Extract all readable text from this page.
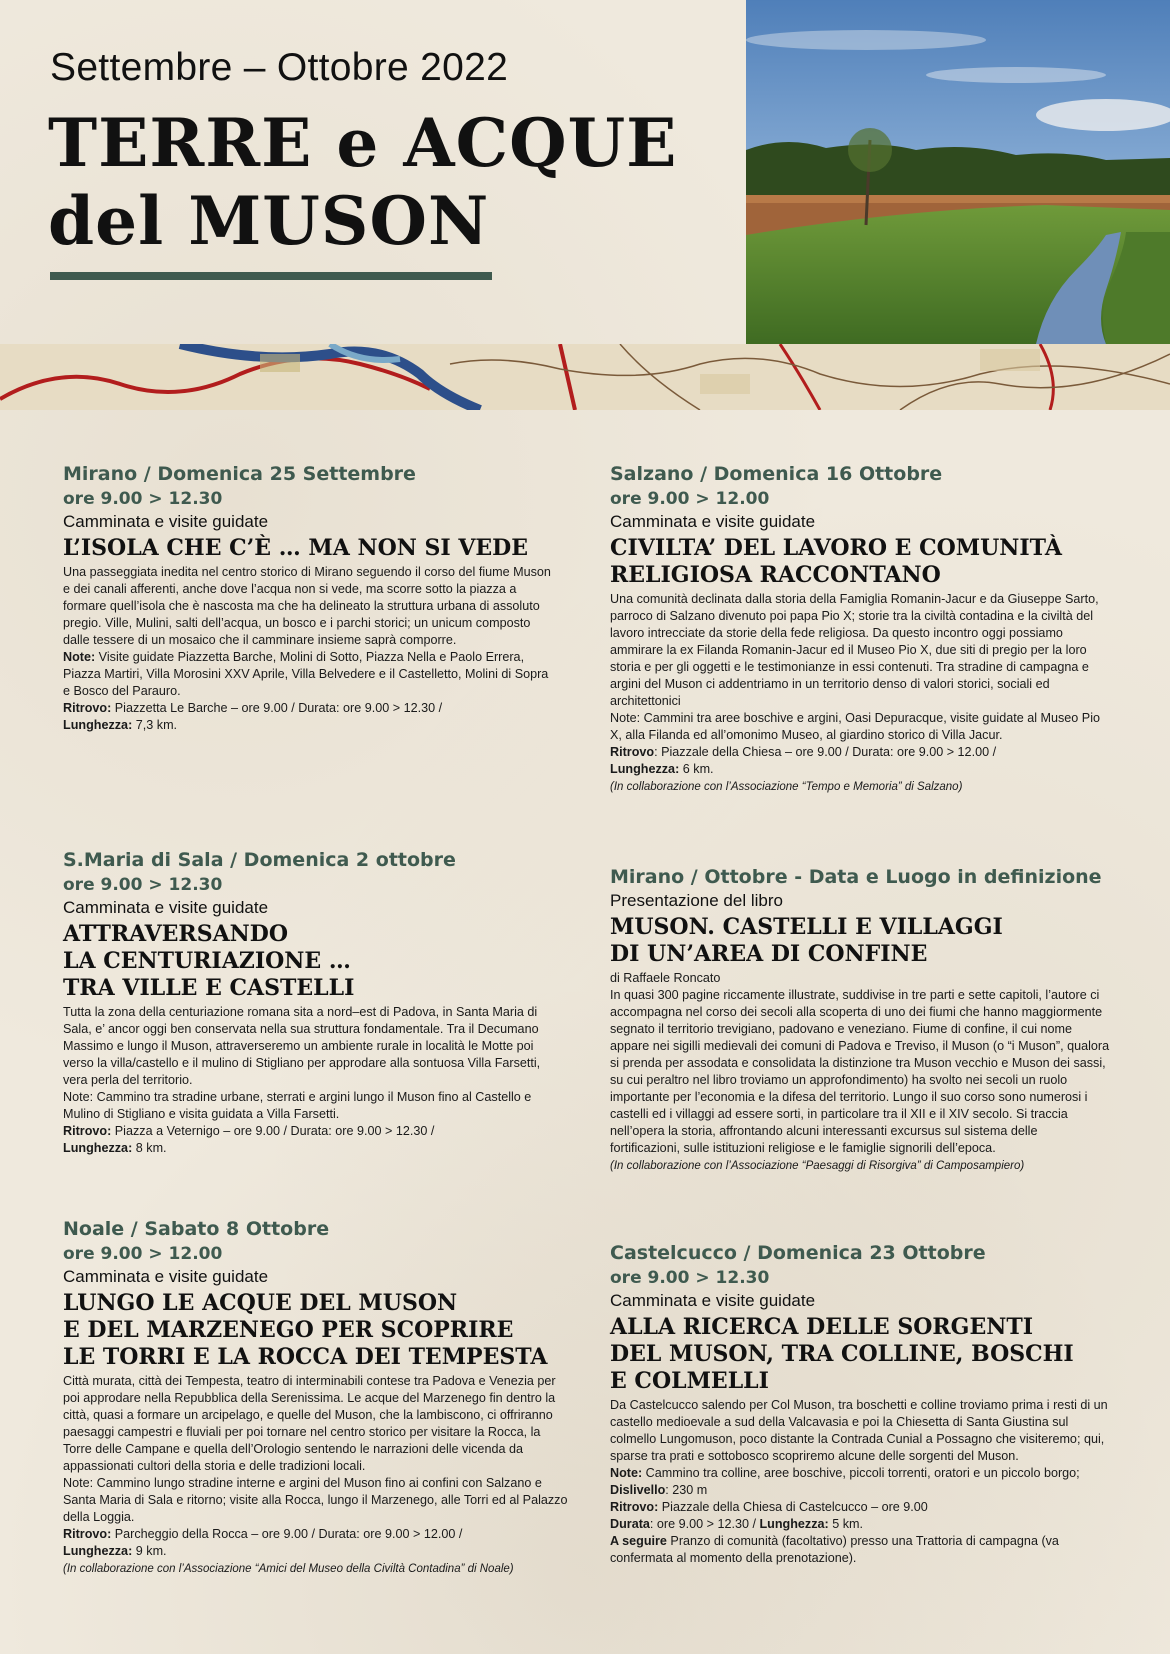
Settembre – Ottobre 2022
TERRE e ACQUE
del MUSON
Mirano / Domenica 25 Settembre
ore 9.00 > 12.30
Camminata e visite guidate
L’ISOLA CHE C’È … MA NON SI VEDE
Una passeggiata inedita nel centro storico di Mirano seguendo il corso del fiume Muson e dei canali afferenti, anche dove l’acqua non si vede, ma scorre sotto la piazza a formare quell’isola che è nascosta ma che ha delineato la struttura urbana di assoluto pregio. Ville, Mulini, salti dell’acqua, un bosco e i parchi storici; un unicum composto dalle tessere di un mosaico che il camminare insieme saprà comporre.
Note: Visite guidate Piazzetta Barche, Molini di Sotto, Piazza Nella e Paolo Errera, Piazza Martiri, Villa Morosini XXV Aprile, Villa Belvedere e il Castelletto, Molini di Sopra e Bosco del Parauro.
Ritrovo: Piazzetta Le Barche – ore 9.00 / Durata: ore 9.00 > 12.30 /
Lunghezza: 7,3 km.
Salzano / Domenica 16 Ottobre
ore 9.00 > 12.00
Camminata e visite guidate
CIVILTA’ DEL LAVORO E COMUNITÀ
RELIGIOSA RACCONTANO
Una comunità declinata dalla storia della Famiglia Romanin-Jacur e da Giuseppe Sarto, parroco di Salzano divenuto poi papa Pio X; storie tra la civiltà contadina e la civiltà del lavoro intrecciate da storie della fede religiosa. Da questo incontro oggi possiamo ammirare la ex Filanda Romanin-Jacur ed il Museo Pio X, due siti di pregio per la loro storia e per gli oggetti e le testimonianze in essi contenuti. Tra stradine di campagna e argini del Muson ci addentriamo in un territorio denso di valori storici, sociali ed architettonici
Note: Cammini tra aree boschive e argini, Oasi Depuracque, visite guidate al Museo Pio X, alla Filanda ed all’omonimo Museo, al giardino storico di Villa Jacur.
Ritrovo: Piazzale della Chiesa – ore 9.00 / Durata: ore 9.00 > 12.00 /
Lunghezza: 6 km.
(In collaborazione con l’Associazione “Tempo e Memoria” di Salzano)
S.Maria di Sala / Domenica 2 ottobre
ore 9.00 > 12.30
Camminata e visite guidate
ATTRAVERSANDO
LA CENTURIAZIONE …
TRA VILLE E CASTELLI
Tutta la zona della centuriazione romana sita a nord–est di Padova, in Santa Maria di Sala, e’ ancor oggi ben conservata nella sua struttura fondamentale. Tra il Decumano Massimo e lungo il Muson, attraverseremo un ambiente rurale in località le Motte poi verso la villa/castello e il mulino di Stigliano per approdare alla sontuosa Villa Farsetti, vera perla del territorio.
Note: Cammino tra stradine urbane, sterrati e argini lungo il Muson fino al Castello e Mulino di Stigliano e visita guidata a Villa Farsetti.
Ritrovo: Piazza a Veternigo – ore 9.00 / Durata: ore 9.00 > 12.30 /
Lunghezza: 8 km.
Mirano / Ottobre - Data e Luogo in definizione
Presentazione del libro
MUSON. CASTELLI E VILLAGGI
DI UN’AREA DI CONFINE
di Raffaele Roncato
In quasi 300 pagine riccamente illustrate, suddivise in tre parti e sette capitoli, l’autore ci accompagna nel corso dei secoli alla scoperta di uno dei fiumi che hanno maggiormente segnato il territorio trevigiano, padovano e veneziano. Fiume di confine, il cui nome appare nei sigilli medievali dei comuni di Padova e Treviso, il Muson (o “i Muson”, qualora si prenda per assodata e consolidata la distinzione tra Muson vecchio e Muson dei sassi, su cui peraltro nel libro troviamo un approfondimento) ha svolto nei secoli un ruolo importante per l’economia e la difesa del territorio. Lungo il suo corso sono numerosi i castelli ed i villaggi ad essere sorti, in particolare tra il XII e il XIV secolo. Si traccia nell’opera la storia, affrontando alcuni interessanti excursus sul sistema delle fortificazioni, sulle istituzioni religiose e le famiglie signorili dell’epoca.
(In collaborazione con l’Associazione “Paesaggi di Risorgiva” di Camposampiero)
Noale / Sabato 8 Ottobre
ore 9.00 > 12.00
Camminata e visite guidate
LUNGO LE ACQUE DEL MUSON
E DEL MARZENEGO PER SCOPRIRE
LE TORRI E LA ROCCA DEI TEMPESTA
Città murata, città dei Tempesta, teatro di interminabili contese tra Padova e Venezia per poi approdare nella Repubblica della Serenissima. Le acque del Marzenego fin dentro la città, quasi a formare un arcipelago, e quelle del Muson, che la lambiscono, ci offriranno paesaggi campestri e fluviali per poi tornare nel centro storico per visitare la Rocca, la Torre delle Campane e quella dell’Orologio sentendo le narrazioni delle vicenda da appassionati cultori della storia e delle tradizioni locali.
Note: Cammino lungo stradine interne e argini del Muson fino ai confini con Salzano e Santa Maria di Sala e ritorno; visite alla Rocca, lungo il Marzenego, alle Torri ed al Palazzo della Loggia.
Ritrovo: Parcheggio della Rocca – ore 9.00 / Durata: ore 9.00 > 12.00 /
Lunghezza: 9 km.
(In collaborazione con l’Associazione “Amici del Museo della Civiltà Contadina” di Noale)
Castelcucco / Domenica 23 Ottobre
ore 9.00 > 12.30
Camminata e visite guidate
ALLA RICERCA DELLE SORGENTI
DEL MUSON, TRA COLLINE, BOSCHI
E COLMELLI
Da Castelcucco salendo per Col Muson, tra boschetti e colline troviamo prima i resti di un castello medioevale a sud della Valcavasia e poi la Chiesetta di Santa Giustina sul colmello Lungomuson, poco distante la Contrada Cunial a Possagno che visiteremo; qui, sparse tra prati e sottobosco scopriremo alcune delle sorgenti del Muson.
Note: Cammino tra colline, aree boschive, piccoli torrenti, oratori e un piccolo borgo; Dislivello: 230 m
Ritrovo: Piazzale della Chiesa di Castelcucco – ore 9.00
Durata: ore 9.00 > 12.30 / Lunghezza: 5 km.
A seguire Pranzo di comunità (facoltativo) presso una Trattoria di campagna (va confermata al momento della prenotazione).
